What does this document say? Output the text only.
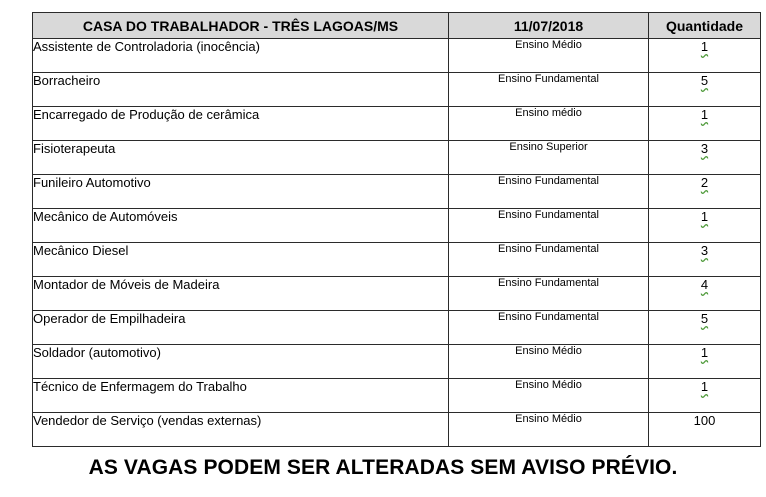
CASA DO TRABALHADOR - TRÊS LAGOAS/MS	11/07/2018	Quantidade
Assistente de Controladoria (inocência)	Ensino Médio	1
Borracheiro	Ensino Fundamental	5
Encarregado de Produção de cerâmica	Ensino médio	1
Fisioterapeuta	Ensino Superior	3
Funileiro Automotivo	Ensino Fundamental	2
Mecânico de Automóveis	Ensino Fundamental	1
Mecânico Diesel	Ensino Fundamental	3
Montador de Móveis de Madeira	Ensino Fundamental	4
Operador de Empilhadeira	Ensino Fundamental	5
Soldador (automotivo)	Ensino Médio	1
Técnico de Enfermagem do Trabalho	Ensino Médio	1
Vendedor de Serviço (vendas externas)	Ensino Médio	100
AS VAGAS PODEM SER ALTERADAS SEM AVISO PRÉVIO.
